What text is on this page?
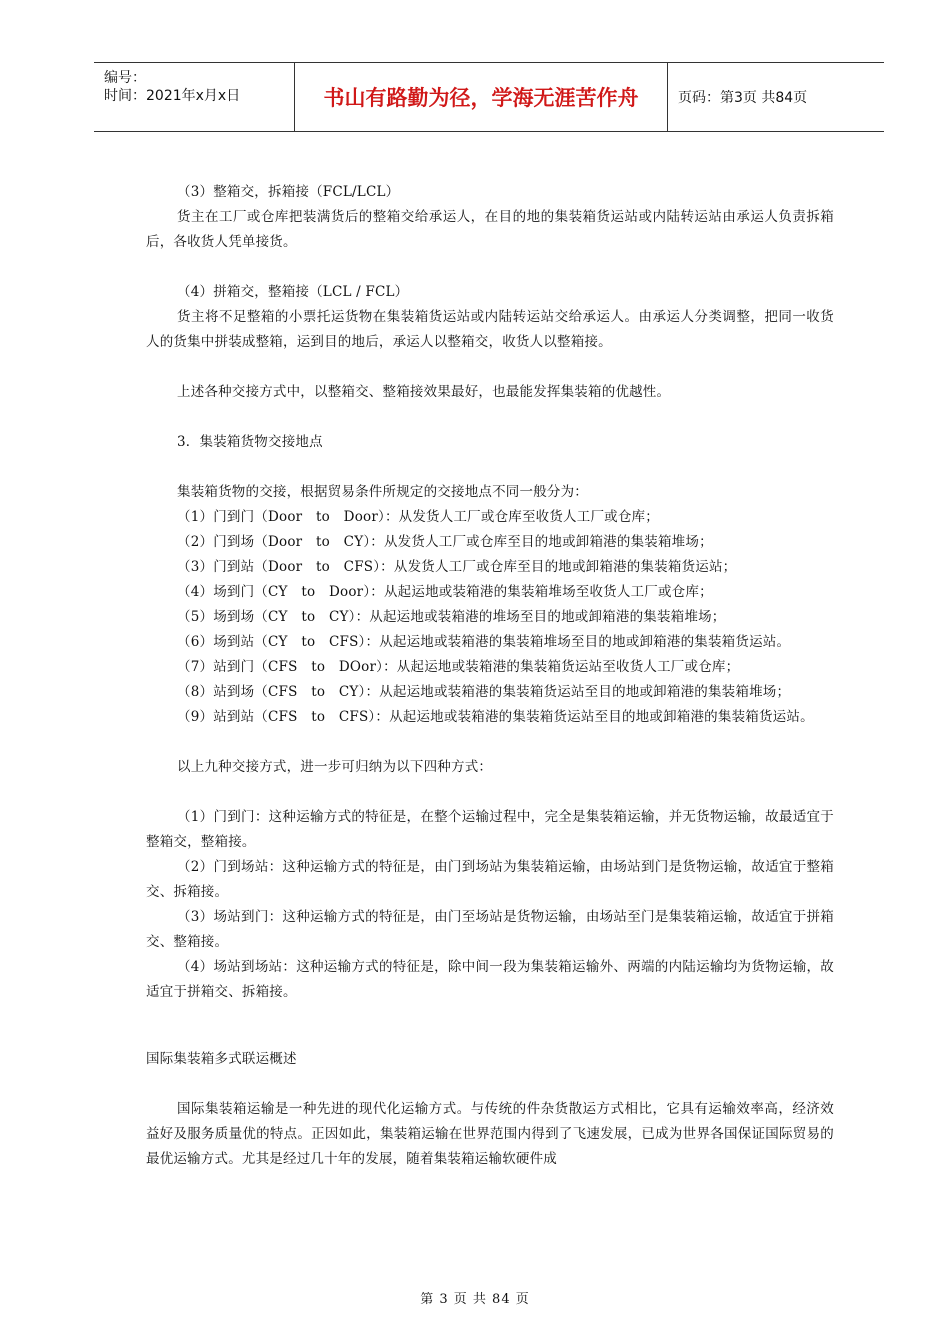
编号：
时间：2021年x月x日	书山有路勤为径，学海无涯苦作舟	页码：第3页 共84页

（3）整箱交，拆箱接（FCL/LCL）

货主在工厂或仓库把装满货后的整箱交给承运人，在目的地的集装箱货运站或内陆转运站由承运人负责拆箱后，各收货人凭单接货。

（4）拼箱交，整箱接（LCL / FCL）

货主将不足整箱的小票托运货物在集装箱货运站或内陆转运站交给承运人。由承运人分类调整，把同一收货人的货集中拼装成整箱，运到目的地后，承运人以整箱交，收货人以整箱接。

上述各种交接方式中，以整箱交、整箱接效果最好，也最能发挥集装箱的优越性。

3．集装箱货物交接地点

集装箱货物的交接，根据贸易条件所规定的交接地点不同一般分为：

（1）门到门（Door　to　Door）：从发货人工厂或仓库至收货人工厂或仓库；

（2）门到场（Door　to　CY）：从发货人工厂或仓库至目的地或卸箱港的集装箱堆场；

（3）门到站（Door　to　CFS）：从发货人工厂或仓库至目的地或卸箱港的集装箱货运站；

（4）场到门（CY　to　Door）：从起运地或装箱港的集装箱堆场至收货人工厂或仓库；

（5）场到场（CY　to　CY）：从起运地或装箱港的堆场至目的地或卸箱港的集装箱堆场；

（6）场到站（CY　to　CFS）：从起运地或装箱港的集装箱堆场至目的地或卸箱港的集装箱货运站。

（7）站到门（CFS　to　DOor）：从起运地或装箱港的集装箱货运站至收货人工厂或仓库；

（8）站到场（CFS　to　CY）：从起运地或装箱港的集装箱货运站至目的地或卸箱港的集装箱堆场；

（9）站到站（CFS　to　CFS）：从起运地或装箱港的集装箱货运站至目的地或卸箱港的集装箱货运站。

以上九种交接方式，进一步可归纳为以下四种方式：

（1）门到门：这种运输方式的特征是，在整个运输过程中，完全是集装箱运输，并无货物运输，故最适宜于整箱交，整箱接。

（2）门到场站：这种运输方式的特征是，由门到场站为集装箱运输，由场站到门是货物运输，故适宜于整箱交、拆箱接。

（3）场站到门：这种运输方式的特征是，由门至场站是货物运输，由场站至门是集装箱运输，故适宜于拼箱交、整箱接。

（4）场站到场站：这种运输方式的特征是，除中间一段为集装箱运输外、两端的内陆运输均为货物运输，故适宜于拼箱交、拆箱接。

国际集装箱多式联运概述

国际集装箱运输是一种先进的现代化运输方式。与传统的件杂货散运方式相比，它具有运输效率高，经济效益好及服务质量优的特点。正因如此，集装箱运输在世界范围内得到了飞速发展，已成为世界各国保证国际贸易的最优运输方式。尤其是经过几十年的发展，随着集装箱运输软硬件成

第 3 页 共 84 页
